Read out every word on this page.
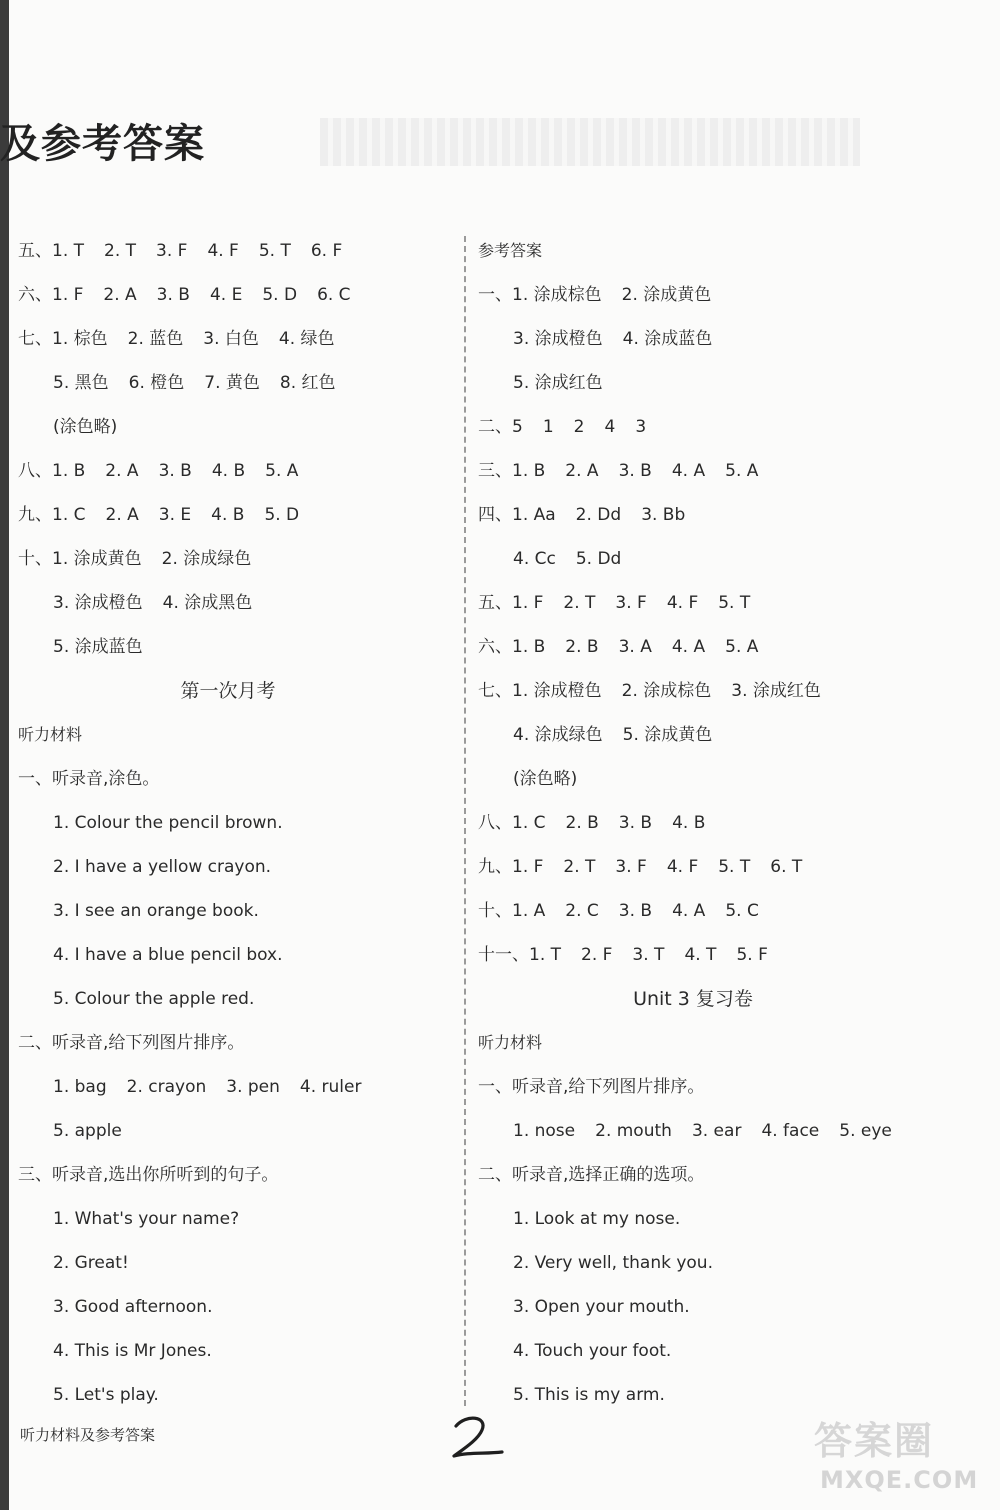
及参考答案
五、1. T 2. T 3. F 4. F 5. T 6. F
六、1. F 2. A 3. B 4. E 5. D 6. C
七、1. 棕色 2. 蓝色 3. 白色 4. 绿色
5. 黑色 6. 橙色 7. 黄色 8. 红色
(涂色略)
八、1. B 2. A 3. B 4. B 5. A
九、1. C 2. A 3. E 4. B 5. D
十、1. 涂成黄色 2. 涂成绿色
3. 涂成橙色 4. 涂成黑色
5. 涂成蓝色
第一次月考
听力材料
一、听录音,涂色。
1. Colour the pencil brown.
2. I have a yellow crayon.
3. I see an orange book.
4. I have a blue pencil box.
5. Colour the apple red.
二、听录音,给下列图片排序。
1. bag 2. crayon 3. pen 4. ruler
5. apple
三、听录音,选出你所听到的句子。
1. What's your name?
2. Great!
3. Good afternoon.
4. This is Mr Jones.
5. Let's play.
参考答案
一、1. 涂成棕色 2. 涂成黄色
3. 涂成橙色 4. 涂成蓝色
5. 涂成红色
二、5 1 2 4 3
三、1. B 2. A 3. B 4. A 5. A
四、1. Aa 2. Dd 3. Bb
4. Cc 5. Dd
五、1. F 2. T 3. F 4. F 5. T
六、1. B 2. B 3. A 4. A 5. A
七、1. 涂成橙色 2. 涂成棕色 3. 涂成红色
4. 涂成绿色 5. 涂成黄色
(涂色略)
八、1. C 2. B 3. B 4. B
九、1. F 2. T 3. F 4. F 5. T 6. T
十、1. A 2. C 3. B 4. A 5. C
十一、1. T 2. F 3. T 4. T 5. F
Unit 3 复习卷
听力材料
一、听录音,给下列图片排序。
1. nose 2. mouth 3. ear 4. face 5. eye
二、听录音,选择正确的选项。
1. Look at my nose.
2. Very well, thank you.
3. Open your mouth.
4. Touch your foot.
5. This is my arm.
听力材料及参考答案	答案圈
MXQE.COM
